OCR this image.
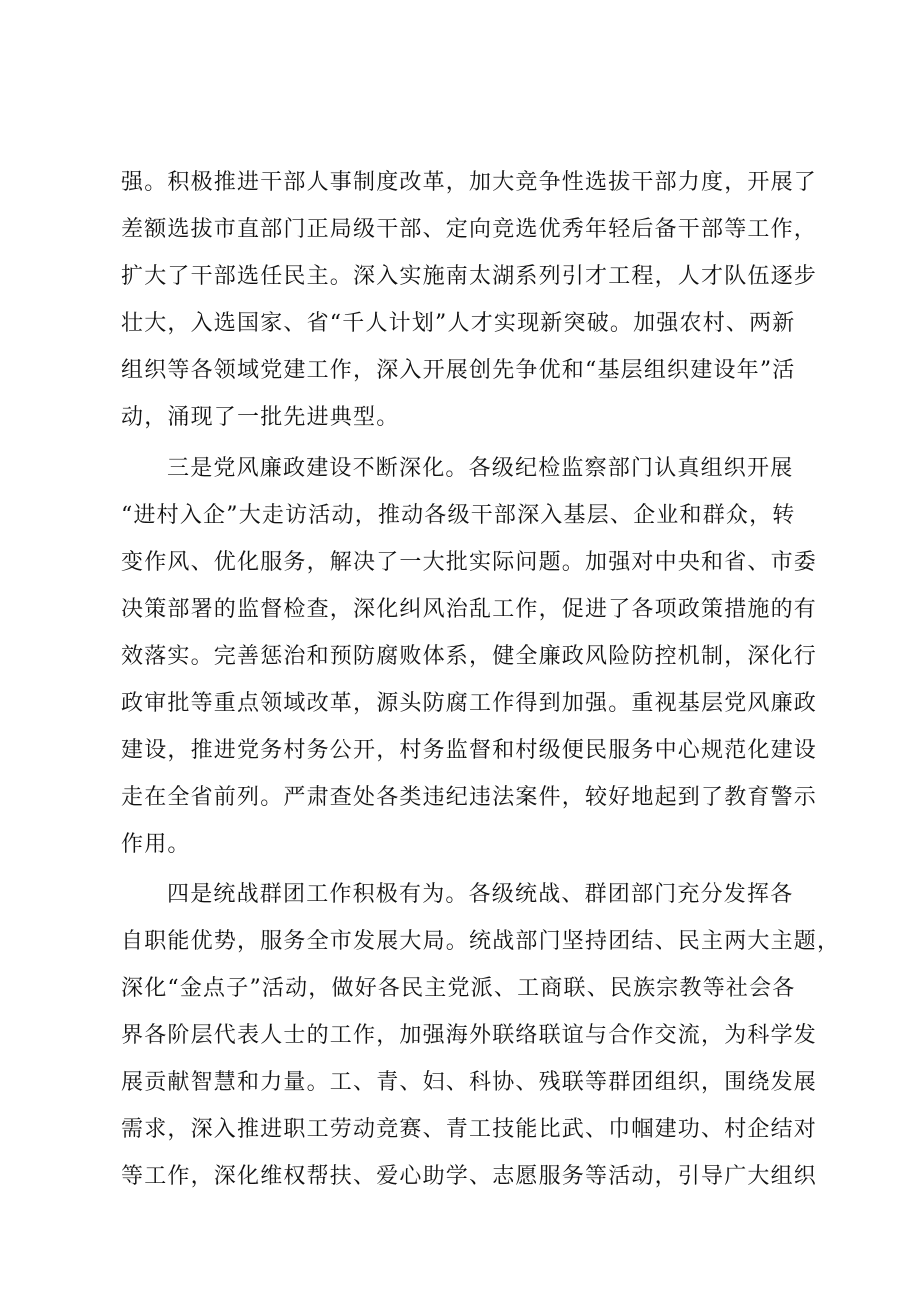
强。积极推进干部人事制度改革，加大竞争性选拔干部力度，开展了
差额选拔市直部门正局级干部、定向竞选优秀年轻后备干部等工作，
扩大了干部选任民主。深入实施南太湖系列引才工程，人才队伍逐步
壮大，入选国家、省“千人计划”人才实现新突破。加强农村、两新
组织等各领域党建工作，深入开展创先争优和“基层组织建设年”活
动，涌现了一批先进典型。
三是党风廉政建设不断深化。各级纪检监察部门认真组织开展
“进村入企”大走访活动，推动各级干部深入基层、企业和群众，转
变作风、优化服务，解决了一大批实际问题。加强对中央和省、市委
决策部署的监督检查，深化纠风治乱工作，促进了各项政策措施的有
效落实。完善惩治和预防腐败体系，健全廉政风险防控机制，深化行
政审批等重点领域改革，源头防腐工作得到加强。重视基层党风廉政
建设，推进党务村务公开，村务监督和村级便民服务中心规范化建设
走在全省前列。严肃查处各类违纪违法案件，较好地起到了教育警示
作用。
四是统战群团工作积极有为。各级统战、群团部门充分发挥各
自职能优势，服务全市发展大局。统战部门坚持团结、民主两大主题，
深化“金点子”活动，做好各民主党派、工商联、民族宗教等社会各
界各阶层代表人士的工作，加强海外联络联谊与合作交流，为科学发
展贡献智慧和力量。工、青、妇、科协、残联等群团组织，围绕发展
需求，深入推进职工劳动竞赛、青工技能比武、巾帼建功、村企结对
等工作，深化维权帮扶、爱心助学、志愿服务等活动，引导广大组织
